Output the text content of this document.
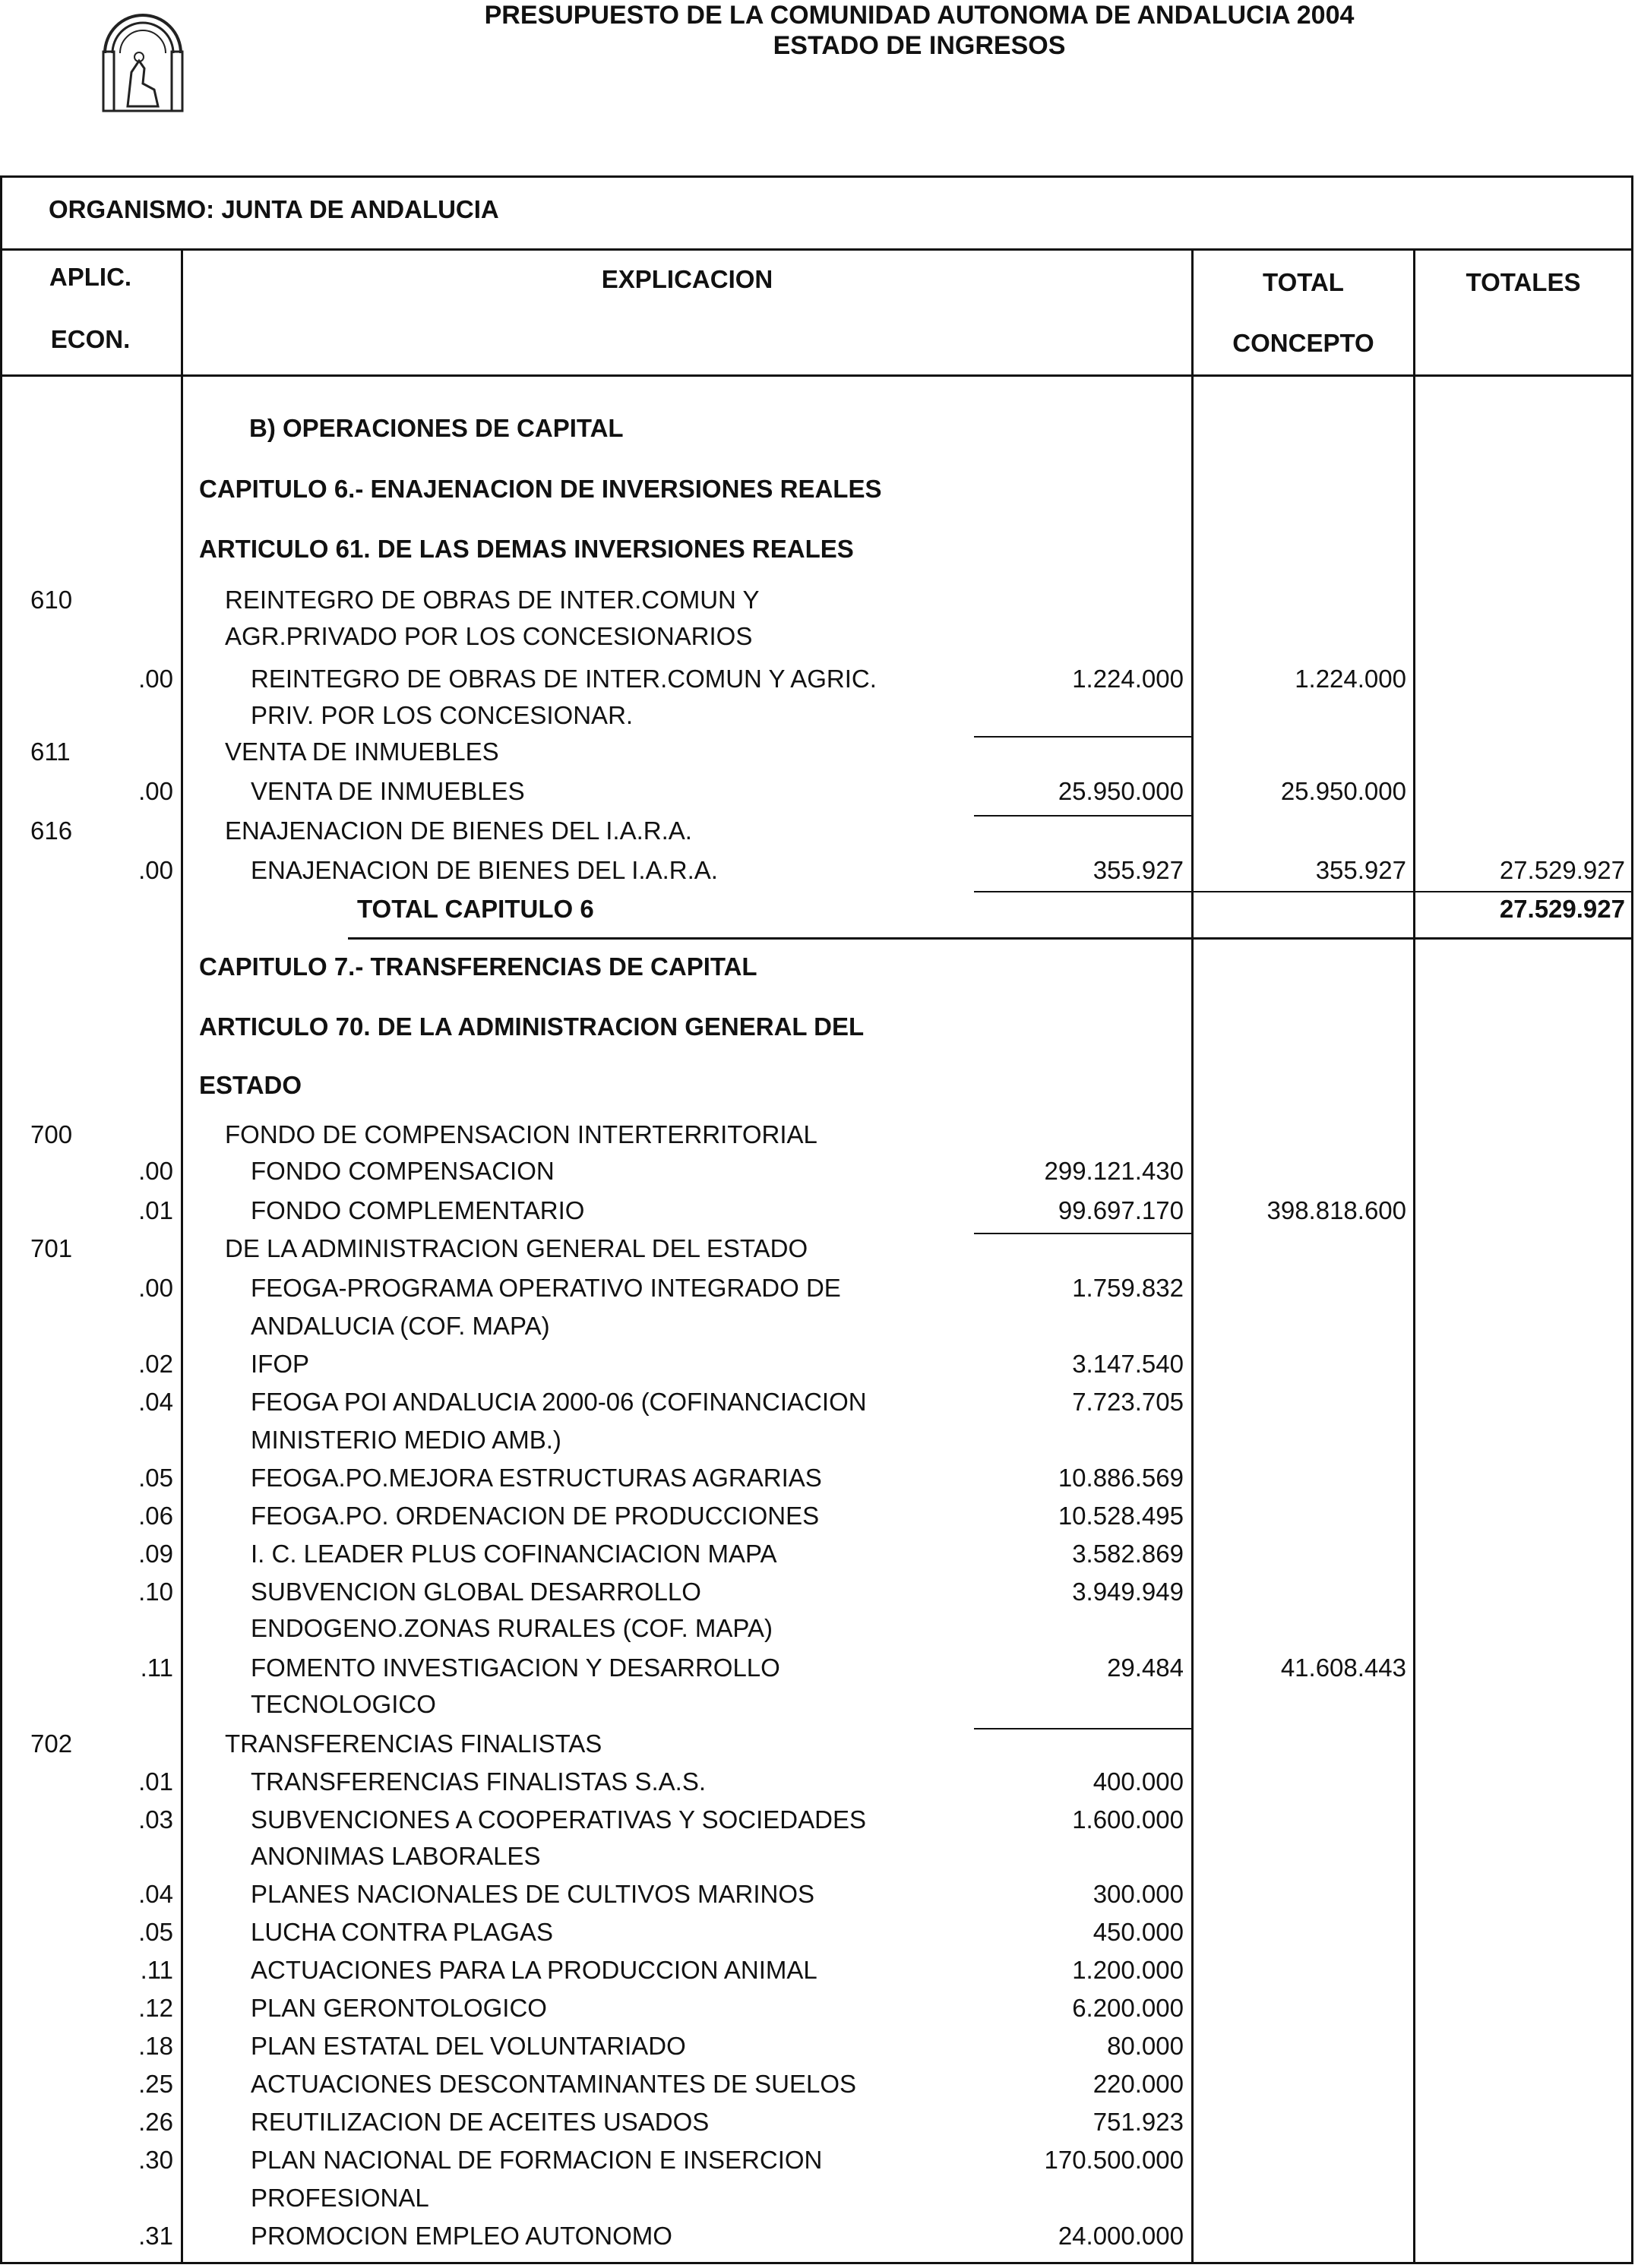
PRESUPUESTO DE LA COMUNIDAD AUTONOMA DE ANDALUCIA 2004
ESTADO DE INGRESOS
ORGANISMO: JUNTA DE ANDALUCIA
APLIC.
ECON.
EXPLICACION	TOTAL
CONCEPTO
TOTALES
B) OPERACIONES DE CAPITAL
CAPITULO 6.- ENAJENACION DE INVERSIONES REALES
ARTICULO 61. DE LAS DEMAS INVERSIONES REALES
610	REINTEGRO DE OBRAS DE INTER.COMUN Y
AGR.PRIVADO POR LOS CONCESIONARIOS
.00	REINTEGRO DE OBRAS DE INTER.COMUN Y AGRIC.	1.224.000	1.224.000
PRIV. POR LOS CONCESIONAR.
611	VENTA DE INMUEBLES
.00	VENTA DE INMUEBLES	25.950.000	25.950.000
616	ENAJENACION DE BIENES DEL I.A.R.A.
.00	ENAJENACION DE BIENES DEL I.A.R.A.	355.927	355.927	27.529.927
TOTAL CAPITULO 6	27.529.927
CAPITULO 7.- TRANSFERENCIAS DE CAPITAL
ARTICULO 70. DE LA ADMINISTRACION GENERAL DEL
ESTADO
700	FONDO DE COMPENSACION INTERTERRITORIAL
.00	FONDO COMPENSACION	299.121.430
.01	FONDO COMPLEMENTARIO	99.697.170	398.818.600
701	DE LA ADMINISTRACION GENERAL DEL ESTADO
.00	FEOGA-PROGRAMA OPERATIVO INTEGRADO DE	1.759.832
ANDALUCIA (COF. MAPA)
.02	IFOP	3.147.540
.04	FEOGA POI ANDALUCIA 2000-06 (COFINANCIACION	7.723.705
MINISTERIO MEDIO AMB.)
.05	FEOGA.PO.MEJORA ESTRUCTURAS AGRARIAS	10.886.569
.06	FEOGA.PO. ORDENACION DE PRODUCCIONES	10.528.495
.09	I. C. LEADER PLUS COFINANCIACION MAPA	3.582.869
.10	SUBVENCION GLOBAL DESARROLLO	3.949.949
ENDOGENO.ZONAS RURALES (COF. MAPA)
.11	FOMENTO INVESTIGACION Y DESARROLLO	29.484	41.608.443
TECNOLOGICO
702	TRANSFERENCIAS FINALISTAS
.01	TRANSFERENCIAS FINALISTAS S.A.S.	400.000
.03	SUBVENCIONES A COOPERATIVAS Y SOCIEDADES	1.600.000
ANONIMAS LABORALES
.04	PLANES NACIONALES DE CULTIVOS MARINOS	300.000
.05	LUCHA CONTRA PLAGAS	450.000
.11	ACTUACIONES PARA LA PRODUCCION ANIMAL	1.200.000
.12	PLAN GERONTOLOGICO	6.200.000
.18	PLAN ESTATAL DEL VOLUNTARIADO	80.000
.25	ACTUACIONES DESCONTAMINANTES DE SUELOS	220.000
.26	REUTILIZACION DE ACEITES USADOS	751.923
.30	PLAN NACIONAL DE FORMACION E INSERCION	170.500.000
PROFESIONAL
.31	PROMOCION EMPLEO AUTONOMO	24.000.000
